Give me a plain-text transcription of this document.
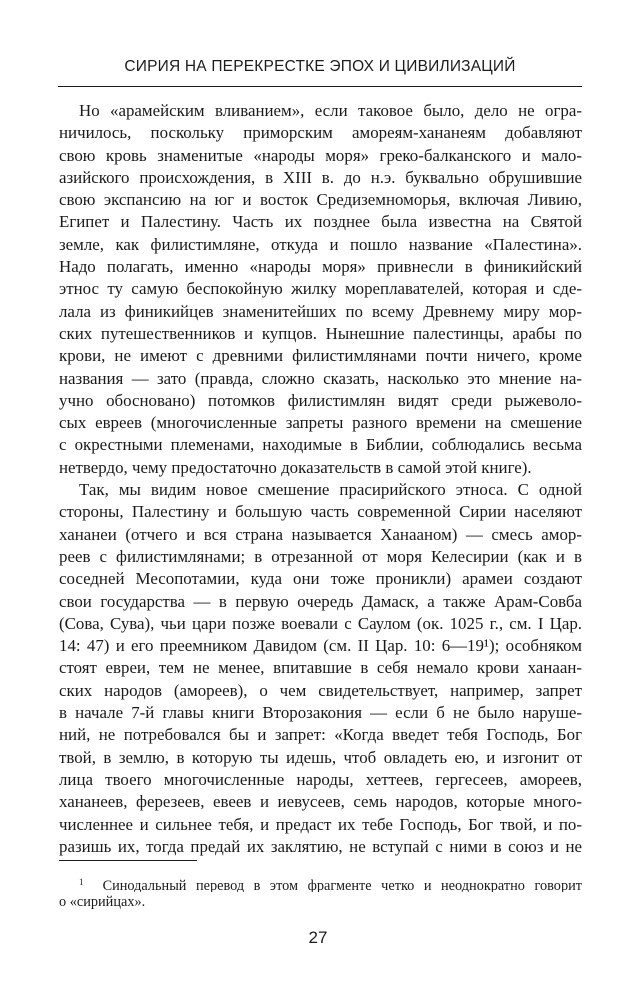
СИРИЯ НА ПЕРЕКРЕСТКЕ ЭПОХ И ЦИВИЛИЗАЦИЙ

Но «арамейским вливанием», если таковое было, дело не огра-
ничилось, поскольку приморским амореям-хананеям добавляют
свою кровь знаменитые «народы моря» греко-балканского и мало-
азийского происхождения, в XIII в. до н.э. буквально обрушившие
свою экспансию на юг и восток Средиземноморья, включая Ливию,
Египет и Палестину. Часть их позднее была известна на Святой
земле, как филистимляне, откуда и пошло название «Палестина».
Надо полагать, именно «народы моря» привнесли в финикийский
этнос ту самую беспокойную жилку мореплавателей, которая и сде-
лала из финикийцев знаменитейших по всему Древнему миру мор-
ских путешественников и купцов. Нынешние палестинцы, арабы по
крови, не имеют с древними филистимлянами почти ничего, кроме
названия — зато (правда, сложно сказать, насколько это мнение на-
учно обосновано) потомков филистимлян видят среди рыжеволо-
сых евреев (многочисленные запреты разного времени на смешение
с окрестными племенами, находимые в Библии, соблюдались весьма
нетвердо, чему предостаточно доказательств в самой этой книге).

Так, мы видим новое смешение прасирийского этноса. С одной
стороны, Палестину и большую часть современной Сирии населяют
хананеи (отчего и вся страна называется Ханааном) — смесь амор-
реев с филистимлянами; в отрезанной от моря Келесирии (как и в
соседней Месопотамии, куда они тоже проникли) арамеи создают
свои государства — в первую очередь Дамаск, а также Арам-Совба
(Сова, Сува), чьи цари позже воевали с Саулом (ок. 1025 г., см. I Цар.
14: 47) и его преемником Давидом (см. II Цар. 10: 6—19¹); особняком
стоят евреи, тем не менее, впитавшие в себя немало крови ханаан-
ских народов (амореев), о чем свидетельствует, например, запрет
в начале 7-й главы книги Второзакония — если б не было наруше-
ний, не потребовался бы и запрет: «Когда введет тебя Господь, Бог
твой, в землю, в которую ты идешь, чтоб овладеть ею, и изгонит от
лица твоего многочисленные народы, хеттеев, гергесеев, амореев,
хананеев, ферезеев, евеев и иевусеев, семь народов, которые много-
численнее и сильнее тебя, и предаст их тебе Господь, Бог твой, и по-
разишь их, тогда предай их заклятию, не вступай с ними в союз и не

$^1$ Синодальный перевод в этом фрагменте четко и неоднократно говорит
о «сирийцах».
27
